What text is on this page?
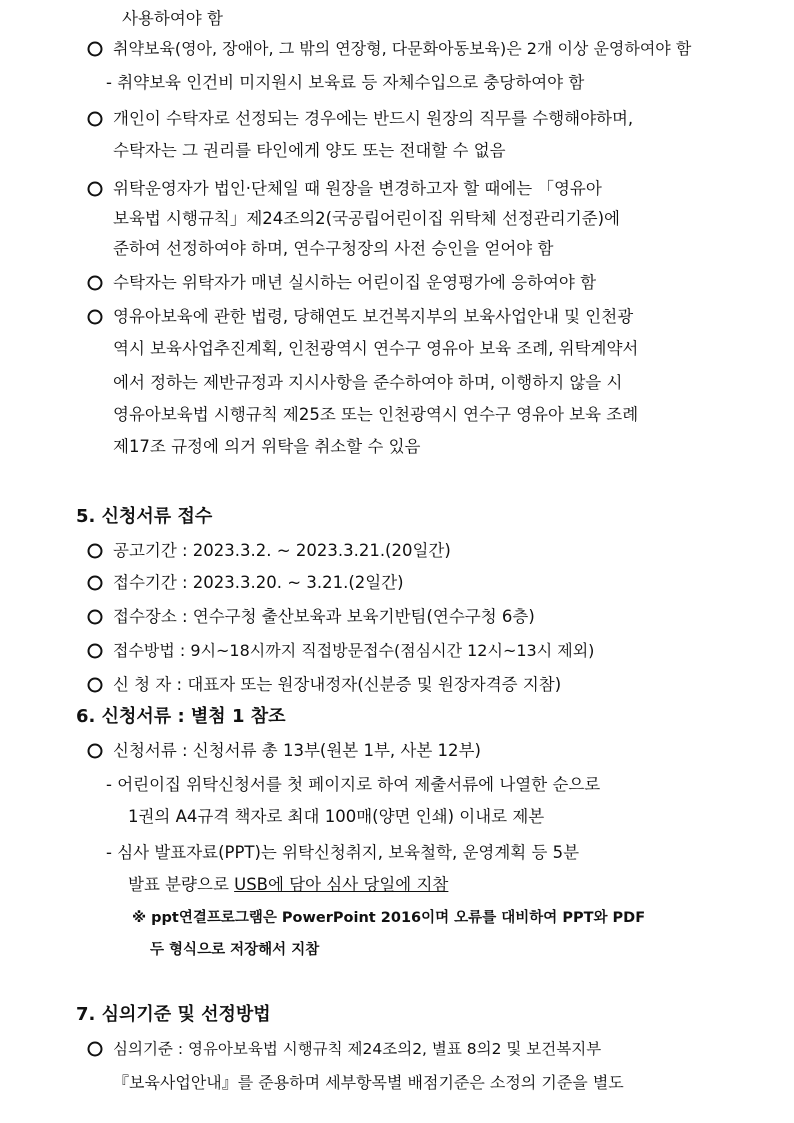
사용하여야 함
취약보육(영아, 장애아, 그 밖의 연장형, 다문화아동보육)은 2개 이상 운영하여야 함
- 취약보육 인건비 미지원시 보육료 등 자체수입으로 충당하여야 함
개인이 수탁자로 선정되는 경우에는 반드시 원장의 직무를 수행해야하며,
수탁자는 그 권리를 타인에게 양도 또는 전대할 수 없음
위탁운영자가 법인·단체일 때 원장을 변경하고자 할 때에는 「영유아
보육법 시행규칙」제24조의2(국공립어린이집 위탁체 선정관리기준)에
준하여 선정하여야 하며, 연수구청장의 사전 승인을 얻어야 함
수탁자는 위탁자가 매년 실시하는 어린이집 운영평가에 응하여야 함
영유아보육에 관한 법령, 당해연도 보건복지부의 보육사업안내 및 인천광
역시 보육사업추진계획, 인천광역시 연수구 영유아 보육 조례, 위탁계약서
에서 정하는 제반규정과 지시사항을 준수하여야 하며, 이행하지 않을 시
영유아보육법 시행규칙 제25조 또는 인천광역시 연수구 영유아 보육 조례
제17조 규정에 의거 위탁을 취소할 수 있음
5. 신청서류 접수
공고기간 : 2023.3.2. ~ 2023.3.21.(20일간)
접수기간 : 2023.3.20. ~ 3.21.(2일간)
접수장소 : 연수구청 출산보육과 보육기반팀(연수구청 6층)
접수방법 : 9시~18시까지 직접방문접수(점심시간 12시~13시 제외)
신 청 자 : 대표자 또는 원장내정자(신분증 및 원장자격증 지참)
6. 신청서류 : 별첨 1 참조
신청서류 : 신청서류 총 13부(원본 1부, 사본 12부)
- 어린이집 위탁신청서를 첫 페이지로 하여 제출서류에 나열한 순으로
1권의 A4규격 책자로 최대 100매(양면 인쇄) 이내로 제본
- 심사 발표자료(PPT)는 위탁신청취지, 보육철학, 운영계획 등 5분
발표 분량으로 USB에 담아 심사 당일에 지참
※ ppt연결프로그램은 PowerPoint 2016이며 오류를 대비하여 PPT와 PDF
두 형식으로 저장해서 지참
7. 심의기준 및 선정방법
심의기준 : 영유아보육법 시행규칙 제24조의2, 별표 8의2 및 보건복지부
『보육사업안내』를 준용하며 세부항목별 배점기준은 소정의 기준을 별도
